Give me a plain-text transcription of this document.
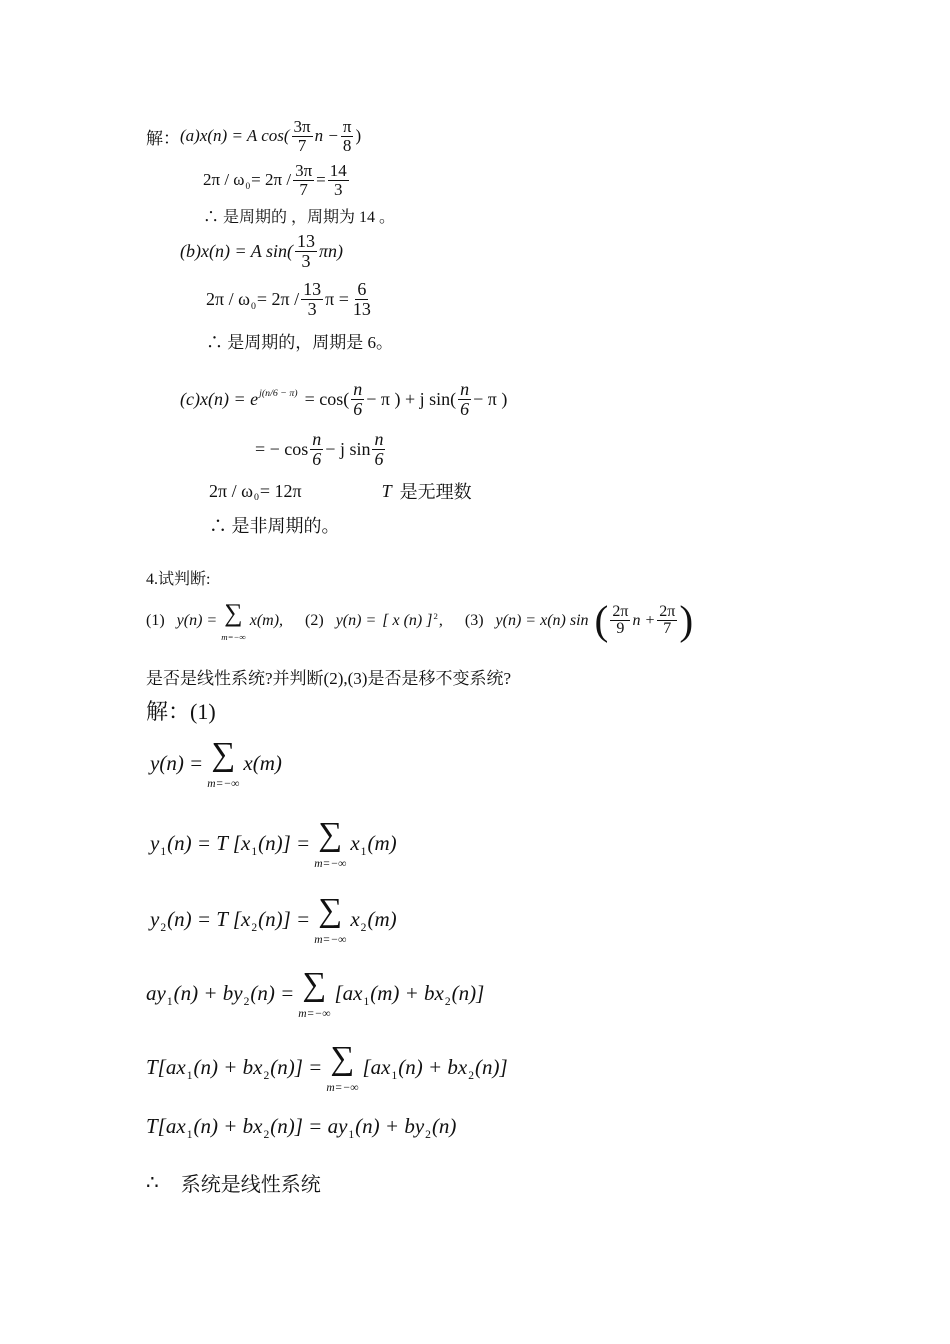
解： (a) x(n) = A $\cos( \frac{3\pi}{7}$ $n - \frac{\pi}{8}$ )
2π / ω $0 = 2\pi / \frac{3\pi}{7} = \frac{14}{3}$
∴ 是周期的 ，周期为 14 。
(b) x(n) = A $\sin( \frac{13}{3} \pi n)$
2π / ω $0 = 2\pi / \frac{13}{3}$ $\pi = \frac{6}{13}$
∴ 是周期的，周期是 6。
(c) x(n) = e $j(n/6 - \pi) = \cos( \frac{n}{6} - \pi$ ) + j $\sin( \frac{n}{6} - \pi$ )
= − $\cos \frac{n}{6} - j$ $\sin \frac{n}{6}$
2π / ω 0 = 12π	T 是无理数
∴ 是非周期的。
4.试判断:
(1) y(n) = ∑
m=−∞
x(m), (2) y(n) = [ x (n) ] 2 , (3) y(n) = x(n) sin ( $\frac{2\pi}{9}$ $n + \frac{2\pi}{7}$ )
是否是线性系统?并判断(2),(3)是否是移不变系统?
解：(1)
y(n) = ∑
m=−∞
x(m)
y 1 (n) = T [x 1 (n)] = ∑
m=−∞
x 1 (m)
y 2 (n) = T [x 2 (n)] = ∑
m=−∞
x 2 (m)
ay 1 (n) + by 2 (n) = ∑
m=−∞
[ax 1 (m) + bx 2 (n)]
T[ax 1 (n) + bx 2 (n)] = ∑
m=−∞
[ax 1 (n) + bx 2 (n)]
T[ax 1 (n) + bx 2 (n)] = ay 1 (n) + by 2 (n)
∴ 系统是线性系统
